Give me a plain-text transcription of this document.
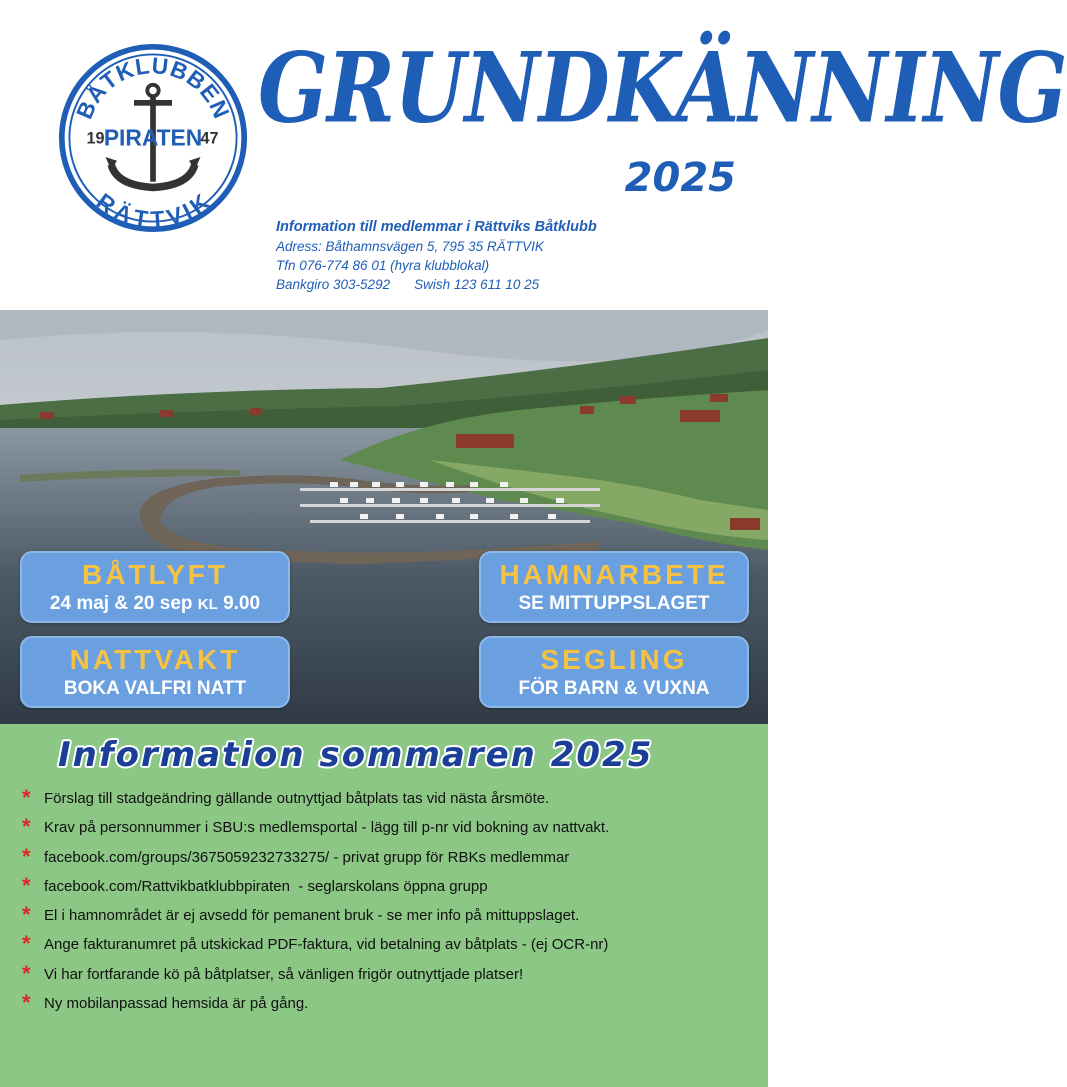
BÅTKLUBBEN
RÄTTVIK
PIRATEN
19	47 GRUNDKÄNNING
2025
Information till medlemmar i Rättviks Båtklubb
Adress: Båthamnsvägen 5, 795 35 RÄTTVIK
Tfn 076-774 86 01 (hyra klubblokal)
Bankgiro 303-5292 Swish 123 611 10 25
BÅTLYFT
24 maj & 20 sep KL 9.00
HAMNARBETE
SE MITTUPPSLAGET
NATTVAKT
BOKA VALFRI NATT
SEGLING
FÖR BARN & VUXNA
Information sommaren 2025
* Förslag till stadgeändring gällande outnyttjad båtplats tas vid nästa årsmöte.
* Krav på personnummer i SBU:s medlemsportal - lägg till p-nr vid bokning av nattvakt.
* facebook.com/groups/3675059232733275/ - privat grupp för RBKs medlemmar
* facebook.com/Rattvikbatklubbpiraten  - seglarskolans öppna grupp
* El i hamnområdet är ej avsedd för pemanent bruk - se mer info på mittuppslaget.
* Ange fakturanumret på utskickad PDF-faktura, vid betalning av båtplats - (ej OCR-nr)
* Vi har fortfarande kö på båtplatser, så vänligen frigör outnyttjade platser!
* Ny mobilanpassad hemsida är på gång.
